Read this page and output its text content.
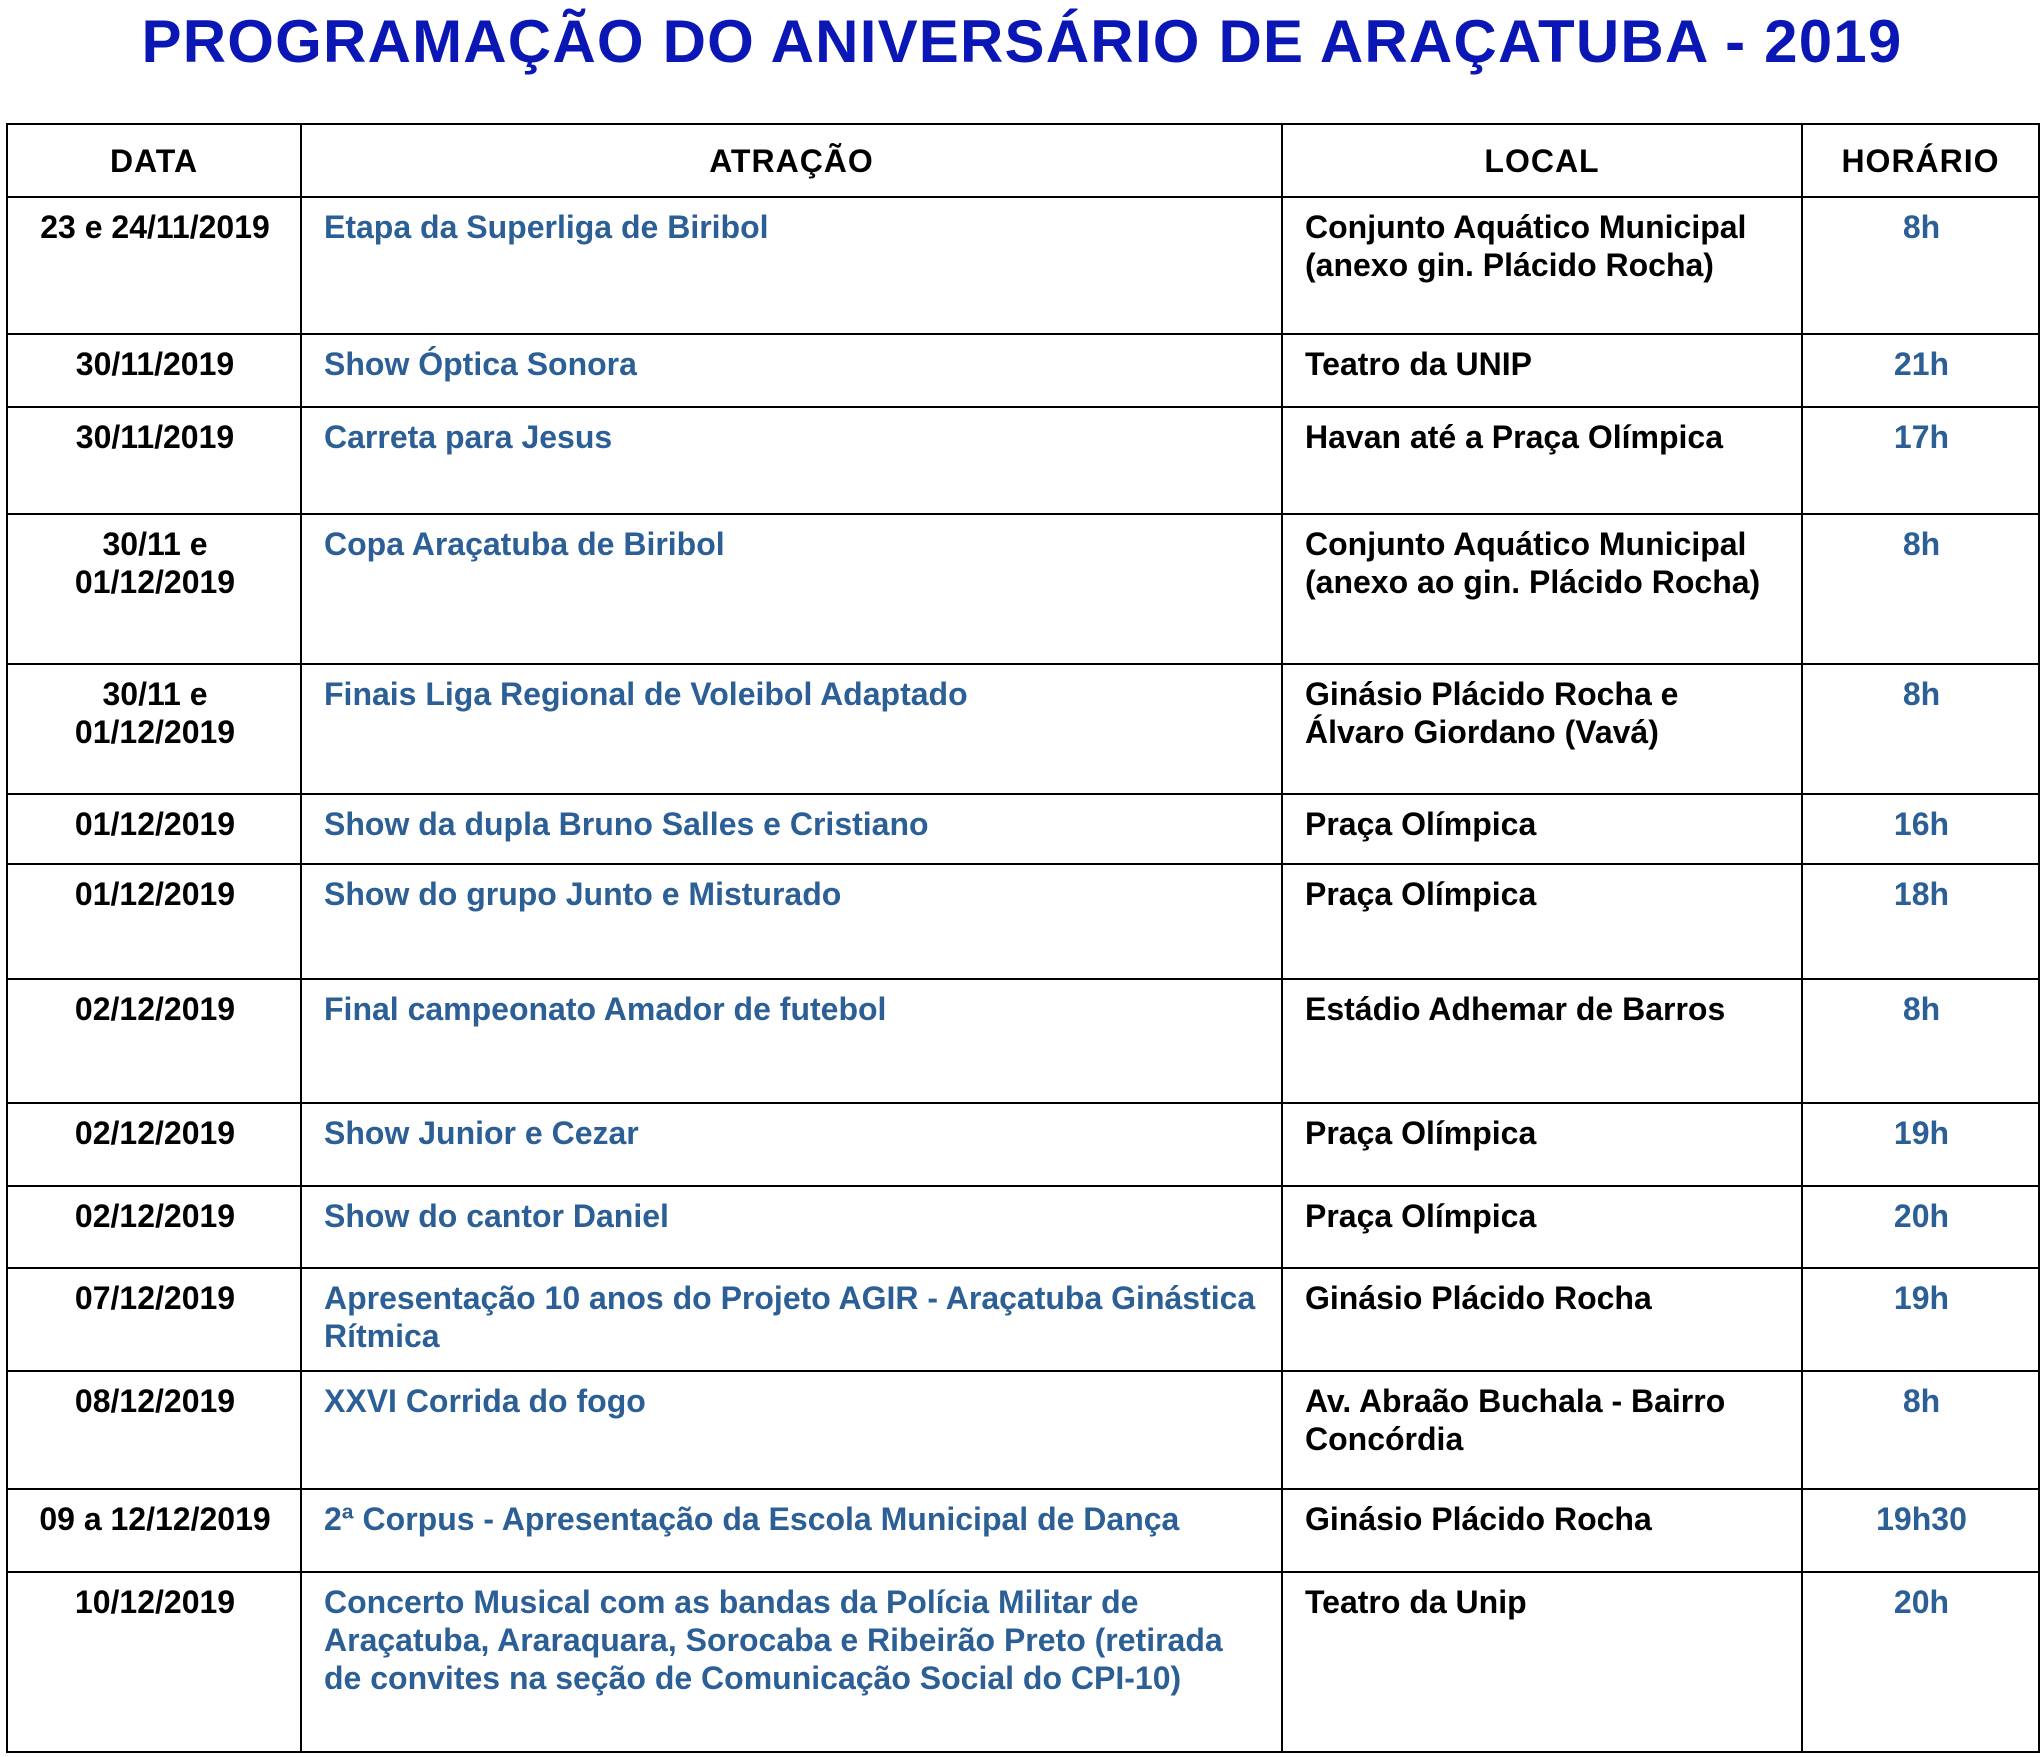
PROGRAMAÇÃO DO ANIVERSÁRIO DE ARAÇATUBA - 2019
DATA	ATRAÇÃO	LOCAL	HORÁRIO
23 e 24/11/2019	Etapa da Superliga de Biribol	Conjunto Aquático Municipal (anexo gin. Plácido Rocha)	8h
30/11/2019	Show Óptica Sonora	Teatro da UNIP	21h
30/11/2019	Carreta para Jesus	Havan até a Praça Olímpica	17h
30/11 e 01/12/2019	Copa Araçatuba de Biribol	Conjunto Aquático Municipal (anexo ao gin. Plácido Rocha)	8h
30/11 e 01/12/2019	Finais Liga Regional de Voleibol Adaptado	Ginásio Plácido Rocha e Álvaro Giordano (Vavá)	8h
01/12/2019	Show da dupla Bruno Salles e Cristiano	Praça Olímpica	16h
01/12/2019	Show do grupo Junto e Misturado	Praça Olímpica	18h
02/12/2019	Final campeonato Amador de futebol	Estádio Adhemar de Barros	8h
02/12/2019	Show Junior e Cezar	Praça Olímpica	19h
02/12/2019	Show do cantor Daniel	Praça Olímpica	20h
07/12/2019	Apresentação 10 anos do Projeto AGIR - Araçatuba Ginástica Rítmica	Ginásio Plácido Rocha	19h
08/12/2019	XXVI Corrida do fogo	Av. Abraão Buchala - Bairro Concórdia	8h
09 a 12/12/2019	2ª Corpus - Apresentação da Escola Municipal de Dança	Ginásio Plácido Rocha	19h30
10/12/2019	Concerto Musical com as bandas da Polícia Militar de Araçatuba, Araraquara, Sorocaba e Ribeirão Preto (retirada de convites na seção de Comunicação Social do CPI-10)	Teatro da Unip	20h
